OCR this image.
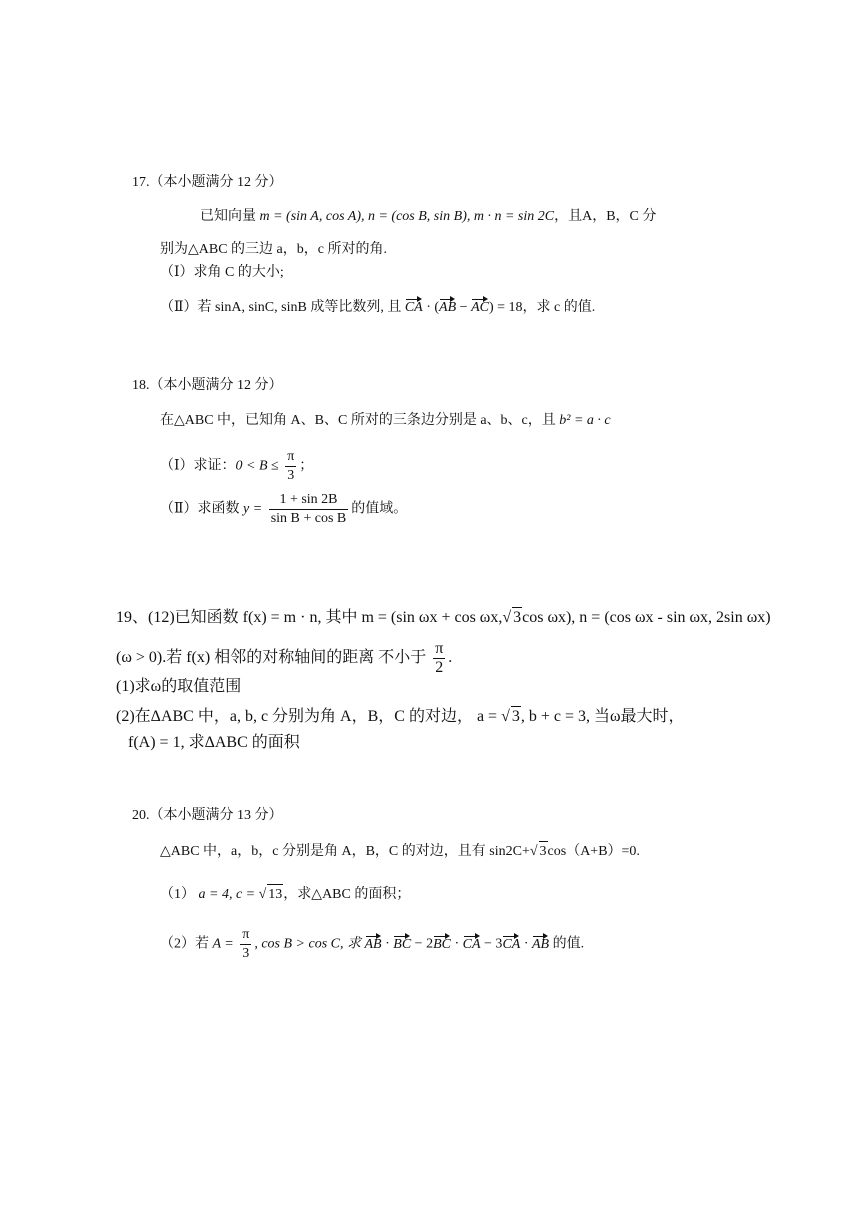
17.（本小题满分 12 分）
已知向量 m = (sin A, cos A), n = (cos B, sin B), m · n = sin 2C，且A，B，C 分
别为△ABC 的三边 a，b，c 所对的角.
（Ⅰ）求角 C 的大小;
（Ⅱ）若 sinA, sinC, sinB 成等比数列, 且 CA · (AB − AC) = 18，求 c 的值.
18.（本小题满分 12 分）
在△ABC 中，已知角 A、B、C 所对的三条边分别是 a、b、c，且 b² = a · c
（Ⅰ）求证：$0 < B \le \frac{\pi}{3}$ ；
（Ⅱ）求函数 $y = \frac{1 + \sin 2B}{\text{sin B + cos B}}$ 的值域。
19、(12)已知函数 f(x) = m · n, 其中 m = (sin ωx + cos ωx,√ 3cos ωx), n = (cos ωx - sin ωx, 2sin ωx)
(ω > 0).若 f(x) 相邻的对称轴间的距离 不小于 $\frac{\pi}{2}$ .
(1)求ω的取值范围
(2)在ΔABC 中，a, b, c 分别为角 A，B，C 的对边， a = √ 3, b + c = 3, 当ω最大时，
f(A) = 1, 求ΔABC 的面积
20.（本小题满分 13 分）
△ABC 中，a，b，c 分别是角 A，B，C 的对边，且有 sin2C+√ 3cos（A+B）=0.
（1） a = 4, c = √ 13，求△ABC 的面积；
（2）若 $A = \frac{\pi}{3}$ , cos B > cos C, 求 AB · BC − 2BC · CA − 3CA · AB 的值.
